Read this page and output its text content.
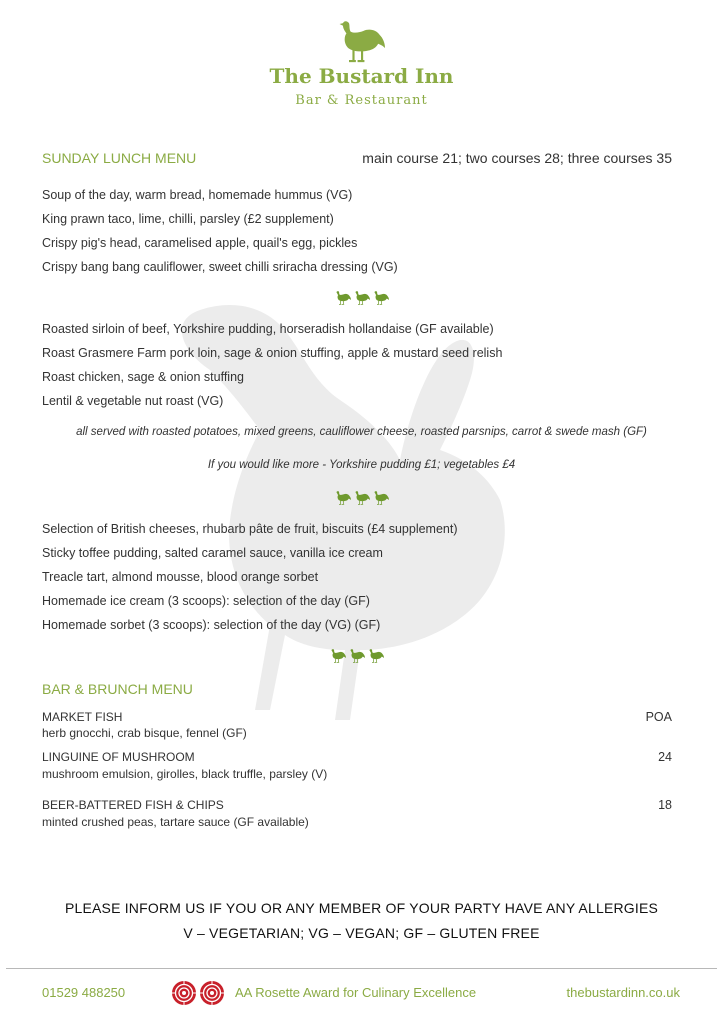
The Bustard Inn
Bar & Restaurant
SUNDAY LUNCH MENU	main course 21; two courses 28; three courses 35
Soup of the day, warm bread, homemade hummus (VG)
King prawn taco, lime, chilli, parsley (£2 supplement)
Crispy pig's head, caramelised apple, quail's egg, pickles
Crispy bang bang cauliflower, sweet chilli sriracha dressing (VG)
Roasted sirloin of beef, Yorkshire pudding, horseradish hollandaise (GF available)
Roast Grasmere Farm pork loin, sage & onion stuffing, apple & mustard seed relish
Roast chicken, sage & onion stuffing
Lentil & vegetable nut roast (VG)
all served with roasted potatoes, mixed greens, cauliflower cheese, roasted parsnips, carrot & swede mash (GF)
If you would like more - Yorkshire pudding £1; vegetables £4
Selection of British cheeses, rhubarb pâte de fruit, biscuits (£4 supplement)
Sticky toffee pudding, salted caramel sauce, vanilla ice cream
Treacle tart, almond mousse, blood orange sorbet
Homemade ice cream (3 scoops): selection of the day (GF)
Homemade sorbet (3 scoops): selection of the day (VG) (GF)
BAR & BRUNCH MENU
MARKET FISH	POA
herb gnocchi, crab bisque, fennel (GF)
LINGUINE OF MUSHROOM	24
mushroom emulsion, girolles, black truffle, parsley (V)
BEER-BATTERED FISH & CHIPS	18
minted crushed peas, tartare sauce (GF available)
PLEASE INFORM US IF YOU OR ANY MEMBER OF YOUR PARTY HAVE ANY ALLERGIES
V – VEGETARIAN; VG – VEGAN; GF – GLUTEN FREE
01529 488250	AA Rosette Award for Culinary Excellence	thebustardinn.co.uk
